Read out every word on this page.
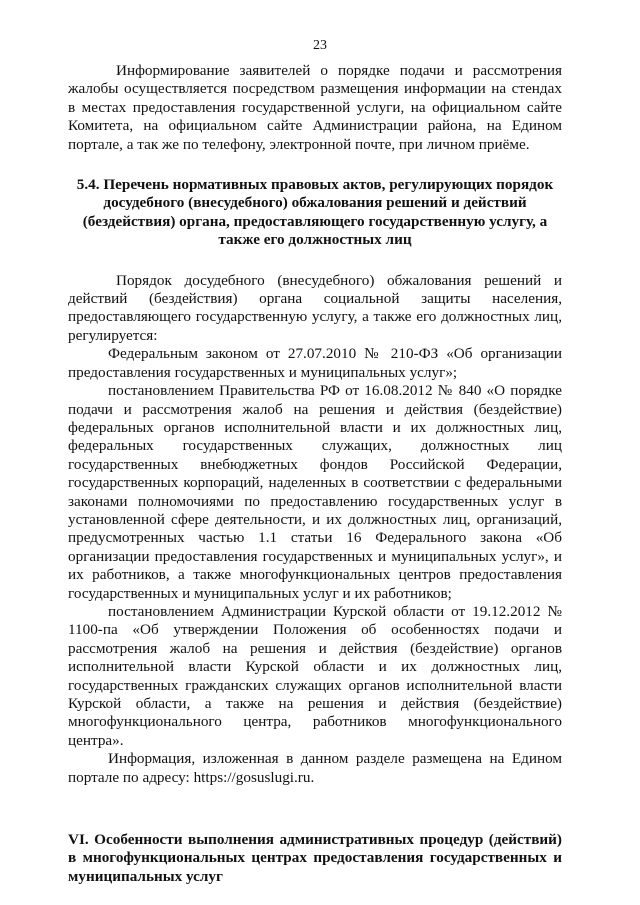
23

Информирование заявителей о порядке подачи и рассмотрения жалобы осуществляется посредством размещения информации на стендах в местах предоставления государственной услуги, на официальном сайте Комитета, на официальном сайте Администрации района, на Едином портале, а так же по телефону, электронной почте, при личном приёме.

5.4. Перечень нормативных правовых актов, регулирующих порядок досудебного (внесудебного) обжалования решений и действий (бездействия) органа, предоставляющего государственную услугу, а также его должностных лиц

Порядок досудебного (внесудебного) обжалования решений и действий (бездействия) органа социальной защиты населения, предоставляющего государственную услугу, а также его должностных лиц, регулируется:

Федеральным законом от 27.07.2010 № 210-ФЗ «Об организации предоставления государственных и муниципальных услуг»;

постановлением Правительства РФ от 16.08.2012 № 840 «О порядке подачи и рассмотрения жалоб на решения и действия (бездействие) федеральных органов исполнительной власти и их должностных лиц, федеральных государственных служащих, должностных лиц государственных внебюджетных фондов Российской Федерации, государственных корпораций, наделенных в соответствии с федеральными законами полномочиями по предоставлению государственных услуг в установленной сфере деятельности, и их должностных лиц, организаций, предусмотренных частью 1.1 статьи 16 Федерального закона «Об организации предоставления государственных и муниципальных услуг», и их работников, а также многофункциональных центров предоставления государственных и муниципальных услуг и их работников;

постановлением Администрации Курской области от 19.12.2012 № 1100-па «Об утверждении Положения об особенностях подачи и рассмотрения жалоб на решения и действия (бездействие) органов исполнительной власти Курской области и их должностных лиц, государственных гражданских служащих органов исполнительной власти Курской области, а также на решения и действия (бездействие) многофункционального центра, работников многофункционального центра».

Информация, изложенная в данном разделе размещена на Едином портале по адресу: https://gosuslugi.ru.

VI. Особенности выполнения административных процедур (действий) в многофункциональных центрах предоставления государственных и муниципальных услуг
